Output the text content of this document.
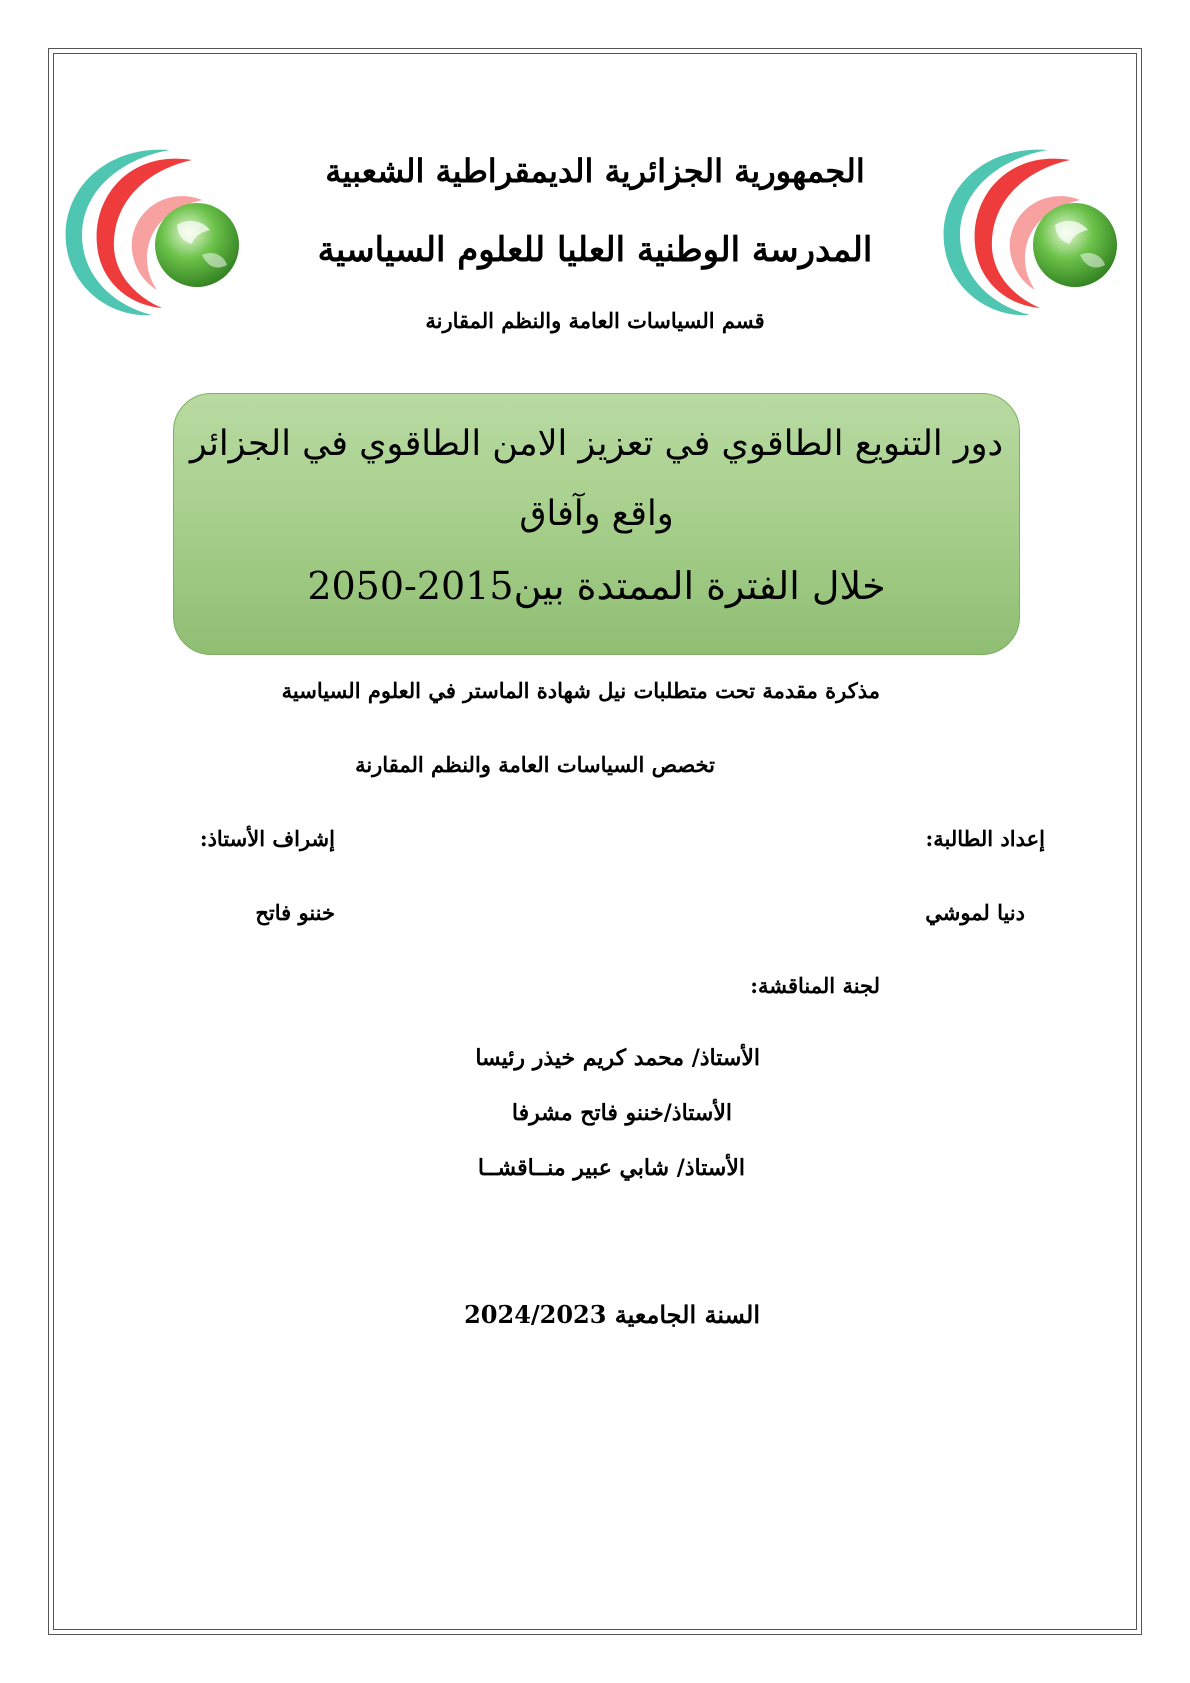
الجمهورية الجزائرية الديمقراطية الشعبية
المدرسة الوطنية العليا للعلوم السياسية
قسم السياسات العامة والنظم المقارنة
دور التنويع الطاقوي في تعزيز الامن الطاقوي في الجزائر
واقع وآفاق
خلال الفترة الممتدة بين2015-2050
مذكرة مقدمة تحت متطلبات نيل شهادة الماستر في العلوم السياسية
تخصص السياسات العامة والنظم المقارنة
إعداد الطالبة:
إشراف الأستاذ:
دنيا لموشي
خننو فاتح
لجنة المناقشة:
الأستاذ/ محمد كريم خيذر رئيسا
الأستاذ/خننو فاتح مشرفا
الأستاذ/ شابي عبير منــاقشــا
السنة الجامعية 2024/2023
